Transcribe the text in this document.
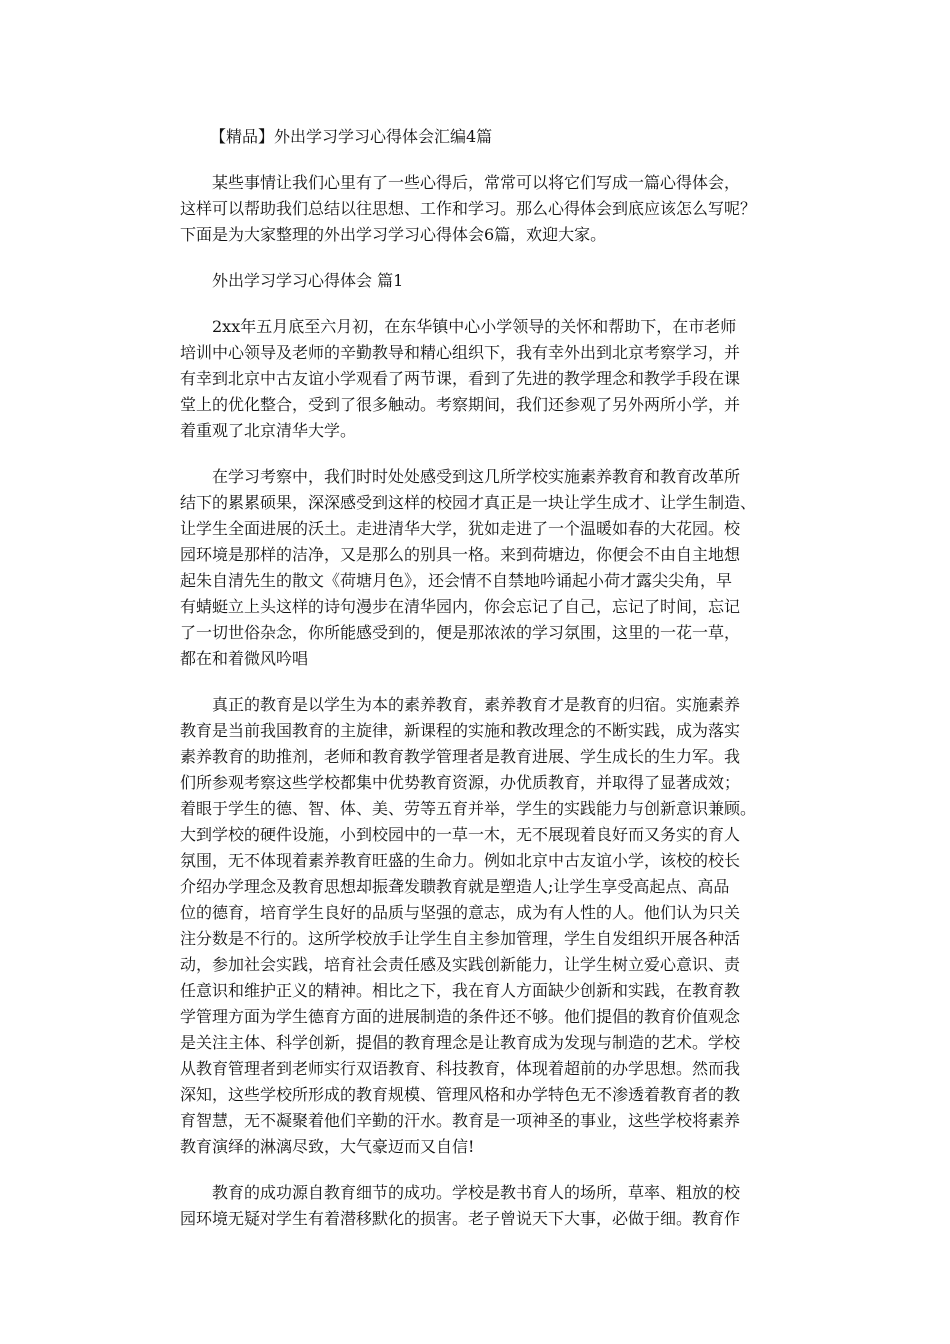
【精品】外出学习学习心得体会汇编4篇
某些事情让我们心里有了一些心得后，常常可以将它们写成一篇心得体会，
这样可以帮助我们总结以往思想、工作和学习。那么心得体会到底应该怎么写呢？
下面是为大家整理的外出学习学习心得体会6篇，欢迎大家。
外出学习学习心得体会 篇1
2xx年五月底至六月初，在东华镇中心小学领导的关怀和帮助下，在市老师
培训中心领导及老师的辛勤教导和精心组织下，我有幸外出到北京考察学习，并
有幸到北京中古友谊小学观看了两节课，看到了先进的教学理念和教学手段在课
堂上的优化整合，受到了很多触动。考察期间，我们还参观了另外两所小学，并
着重观了北京清华大学。
在学习考察中，我们时时处处感受到这几所学校实施素养教育和教育改革所
结下的累累硕果，深深感受到这样的校园才真正是一块让学生成才、让学生制造、
让学生全面进展的沃土。走进清华大学，犹如走进了一个温暖如春的大花园。校
园环境是那样的洁净，又是那么的别具一格。来到荷塘边，你便会不由自主地想
起朱自清先生的散文《荷塘月色》，还会情不自禁地吟诵起小荷才露尖尖角，早
有蜻蜓立上头这样的诗句漫步在清华园内，你会忘记了自己，忘记了时间，忘记
了一切世俗杂念，你所能感受到的，便是那浓浓的学习氛围，这里的一花一草，
都在和着微风吟唱
真正的教育是以学生为本的素养教育，素养教育才是教育的归宿。实施素养
教育是当前我国教育的主旋律，新课程的实施和教改理念的不断实践，成为落实
素养教育的助推剂，老师和教育教学管理者是教育进展、学生成长的生力军。我
们所参观考察这些学校都集中优势教育资源，办优质教育，并取得了显著成效；
着眼于学生的德、智、体、美、劳等五育并举，学生的实践能力与创新意识兼顾。
大到学校的硬件设施，小到校园中的一草一木，无不展现着良好而又务实的育人
氛围，无不体现着素养教育旺盛的生命力。例如北京中古友谊小学，该校的校长
介绍办学理念及教育思想却振聋发聩教育就是塑造人;让学生享受高起点、高品
位的德育，培育学生良好的品质与坚强的意志，成为有人性的人。他们认为只关
注分数是不行的。这所学校放手让学生自主参加管理，学生自发组织开展各种活
动，参加社会实践，培育社会责任感及实践创新能力，让学生树立爱心意识、责
任意识和维护正义的精神。相比之下，我在育人方面缺少创新和实践，在教育教
学管理方面为学生德育方面的进展制造的条件还不够。他们提倡的教育价值观念
是关注主体、科学创新，提倡的教育理念是让教育成为发现与制造的艺术。学校
从教育管理者到老师实行双语教育、科技教育，体现着超前的办学思想。然而我
深知，这些学校所形成的教育规模、管理风格和办学特色无不渗透着教育者的教
育智慧，无不凝聚着他们辛勤的汗水。教育是一项神圣的事业，这些学校将素养
教育演绎的淋漓尽致，大气豪迈而又自信!
教育的成功源自教育细节的成功。学校是教书育人的场所，草率、粗放的校
园环境无疑对学生有着潜移默化的损害。老子曾说天下大事，必做于细。教育作
